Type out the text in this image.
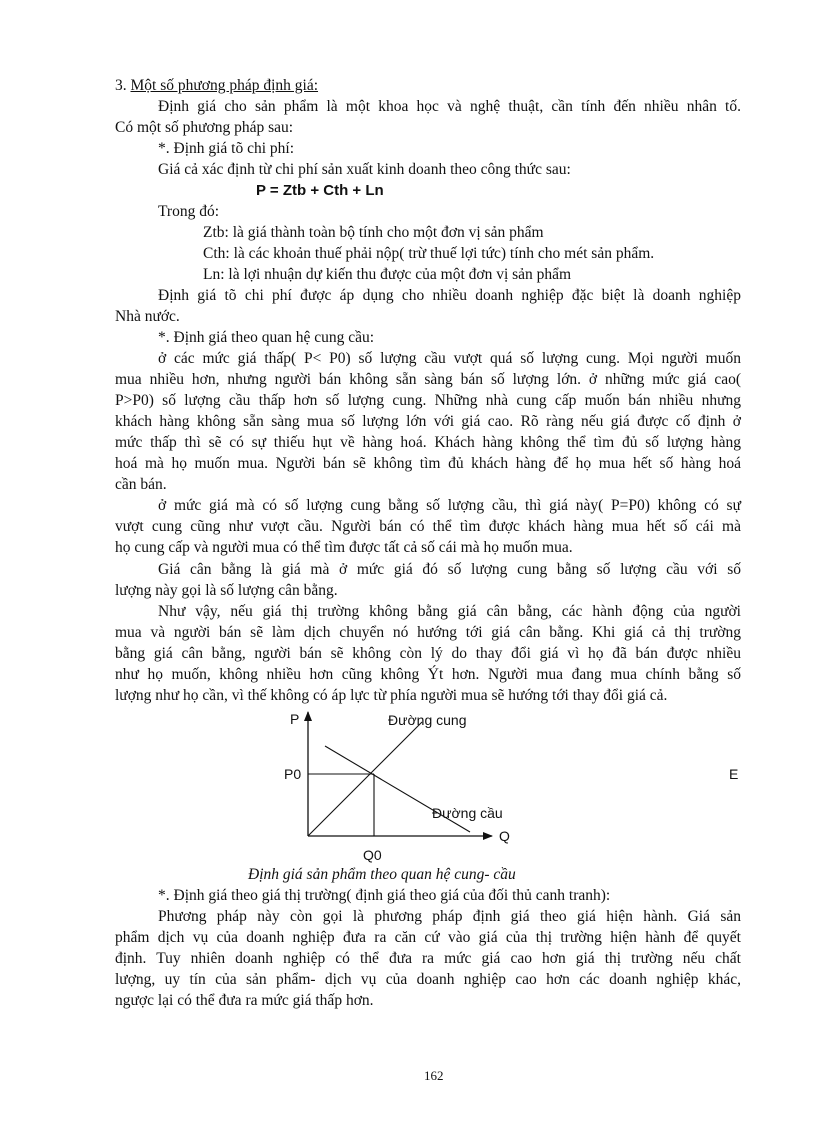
3. Một số phương pháp định giá:
Định giá cho sản phẩm là một khoa học và nghệ thuật, cần tính đến nhiều nhân tố.
Có một số phương pháp sau:
*. Định giá tõ chi phí:
Giá cả xác định từ chi phí sản xuất kinh doanh theo công thức sau:
P = Ztb + Cth + Ln
Trong đó:
Ztb: là giá thành toàn bộ tính cho một đơn vị sản phẩm
Cth: là các khoản thuế phải nộp( trừ thuế lợi tức) tính cho mét sản phẩm.
Ln: là lợi nhuận dự kiến thu được của một đơn vị sản phẩm
Định giá tõ chi phí được áp dụng cho nhiều doanh nghiệp đặc biệt là doanh nghiệp
Nhà nước.
*. Định giá theo quan hệ cung cầu:
ở các mức giá thấp( P< P0) số lượng cầu vượt quá số lượng cung. Mọi người muốn
mua nhiều hơn, nhưng người bán không sẵn sàng bán số lượng lớn. ở những mức giá cao(
P>P0) số lượng cầu thấp hơn số lượng cung. Những nhà cung cấp muốn bán nhiều nhưng
khách hàng không sẵn sàng mua số lượng lớn với giá cao. Rõ ràng nếu giá được cố định ở
mức thấp thì sẽ có sự thiếu hụt về hàng hoá. Khách hàng không thể tìm đủ số lượng hàng
hoá mà họ muốn mua. Người bán sẽ không tìm đủ khách hàng để họ mua hết số hàng hoá
cần bán.
ở mức giá mà có số lượng cung bằng số lượng cầu, thì giá này( P=P0) không có sự
vượt cung cũng như vượt cầu. Người bán có thể tìm được khách hàng mua hết số cái mà
họ cung cấp và người mua có thể tìm được tất cả số cái mà họ muốn mua.
Giá cân bằng là giá mà ở mức giá đó số lượng cung bằng số lượng cầu với số
lượng này gọi là số lượng cân bằng.
Như vậy, nếu giá thị trường không bằng giá cân bằng, các hành động của người
mua và người bán sẽ làm dịch chuyển nó hướng tới giá cân bằng. Khi giá cả thị trường
bằng giá cân bằng, người bán sẽ không còn lý do thay đổi giá vì họ đã bán được nhiều
như họ muốn, không nhiều hơn cũng không Ýt hơn. Người mua đang mua chính bằng số
lượng như họ cần, vì thế không có áp lực từ phía người mua sẽ hướng tới thay đổi giá cả.
P
Q
P0
Q0
Đường cung
Đường cầu
E
Định giá sản phẩm theo quan hệ cung- cầu
*. Định giá theo giá thị trường( định giá theo giá của đối thủ canh tranh):
Phương pháp này còn gọi là phương pháp định giá theo giá hiện hành. Giá sản
phẩm dịch vụ của doanh nghiệp đưa ra căn cứ vào giá của thị trường hiện hành để quyết
định. Tuy nhiên doanh nghiệp có thể đưa ra mức giá cao hơn giá thị trường nếu chất
lượng, uy tín của sản phẩm- dịch vụ của doanh nghiệp cao hơn các doanh nghiệp khác,
ngược lại có thể đưa ra mức giá thấp hơn.
162
